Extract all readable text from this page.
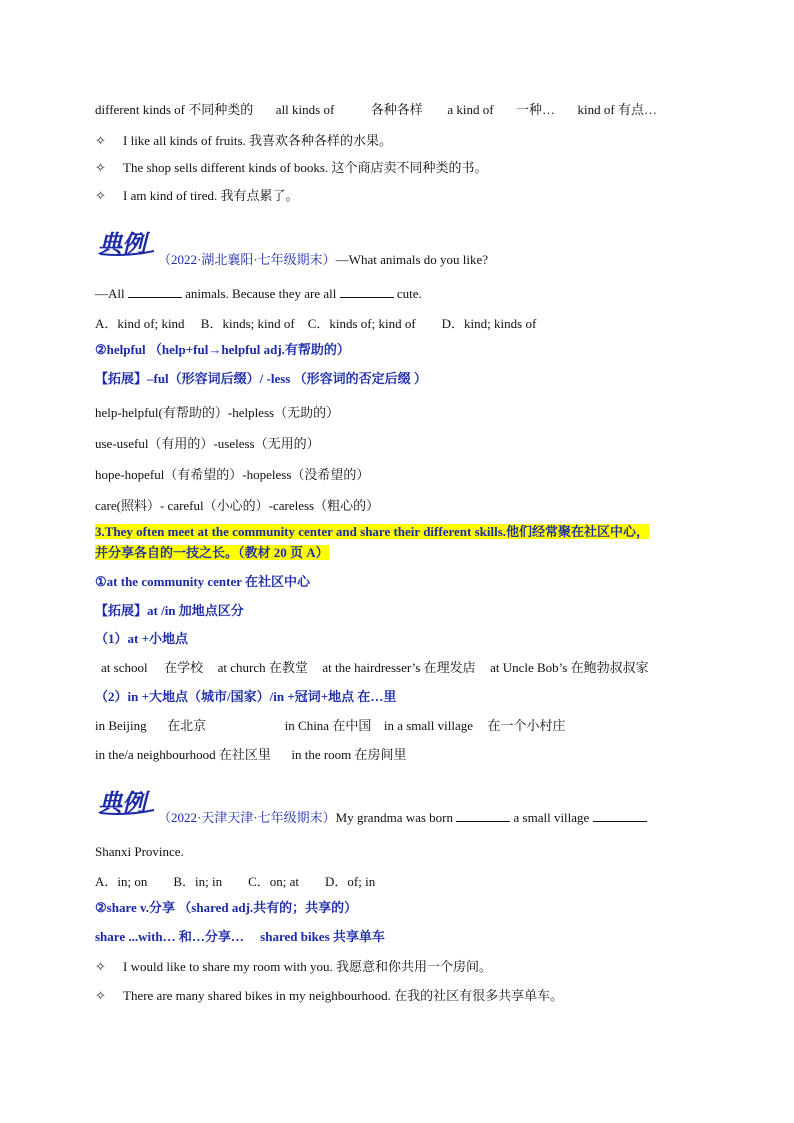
different kinds of 不同种类的 all kinds of	各种各样 a kind of 一种… kind of 有点…
✧ I like all kinds of fruits. 我喜欢各种各样的水果。
✧ The shop sells different kinds of books. 这个商店卖不同种类的书。
✧ I am kind of tired. 我有点累了。
典例
（2022·湖北襄阳·七年级期末）—What animals do you like?
—All	animals. Because they are all	cute.
A．kind of; kind　 B．kinds; kind of　C．kinds of; kind of　　D．kind; kinds of
②helpful （help+ful→helpful adj.有帮助的）
【拓展】–ful（形容词后缀）/ -less （形容词的否定后缀 ）
help-helpful(有帮助的）-helpless（无助的）
use-useful（有用的）-useless（无用的）
hope-hopeful（有希望的）-hopeless（没希望的）
care(照料）- careful（小心的）-careless（粗心的）
3.They often meet at the community center and share their different skills.他们经常聚在社区中心，
并分享各自的一技之长。（教材 20 页 A）
①at the community center 在社区中心
【拓展】at /in 加地点区分
（1）at +小地点
at school 在学校 at church 在教堂 at the hairdresser’s 在理发店 at Uncle Bob’s 在鲍勃叔叔家
（2）in +大地点（城市/国家）/in +冠词+地点 在…里
in Beijing 在北京	in China 在中国 in a small village 在一个小村庄
in the/a neighbourhood 在社区里 in the room 在房间里
典例
（2022·天津天津·七年级期末）My grandma was born	a small village
Shanxi Province.
A．in; on　　B．in; in　　C．on; at　　D．of; in
②share v.分享 （shared adj.共有的；共享的）
share ...with… 和…分享…　 shared bikes 共享单车
✧ I would like to share my room with you. 我愿意和你共用一个房间。
✧ There are many shared bikes in my neighbourhood. 在我的社区有很多共享单车。
